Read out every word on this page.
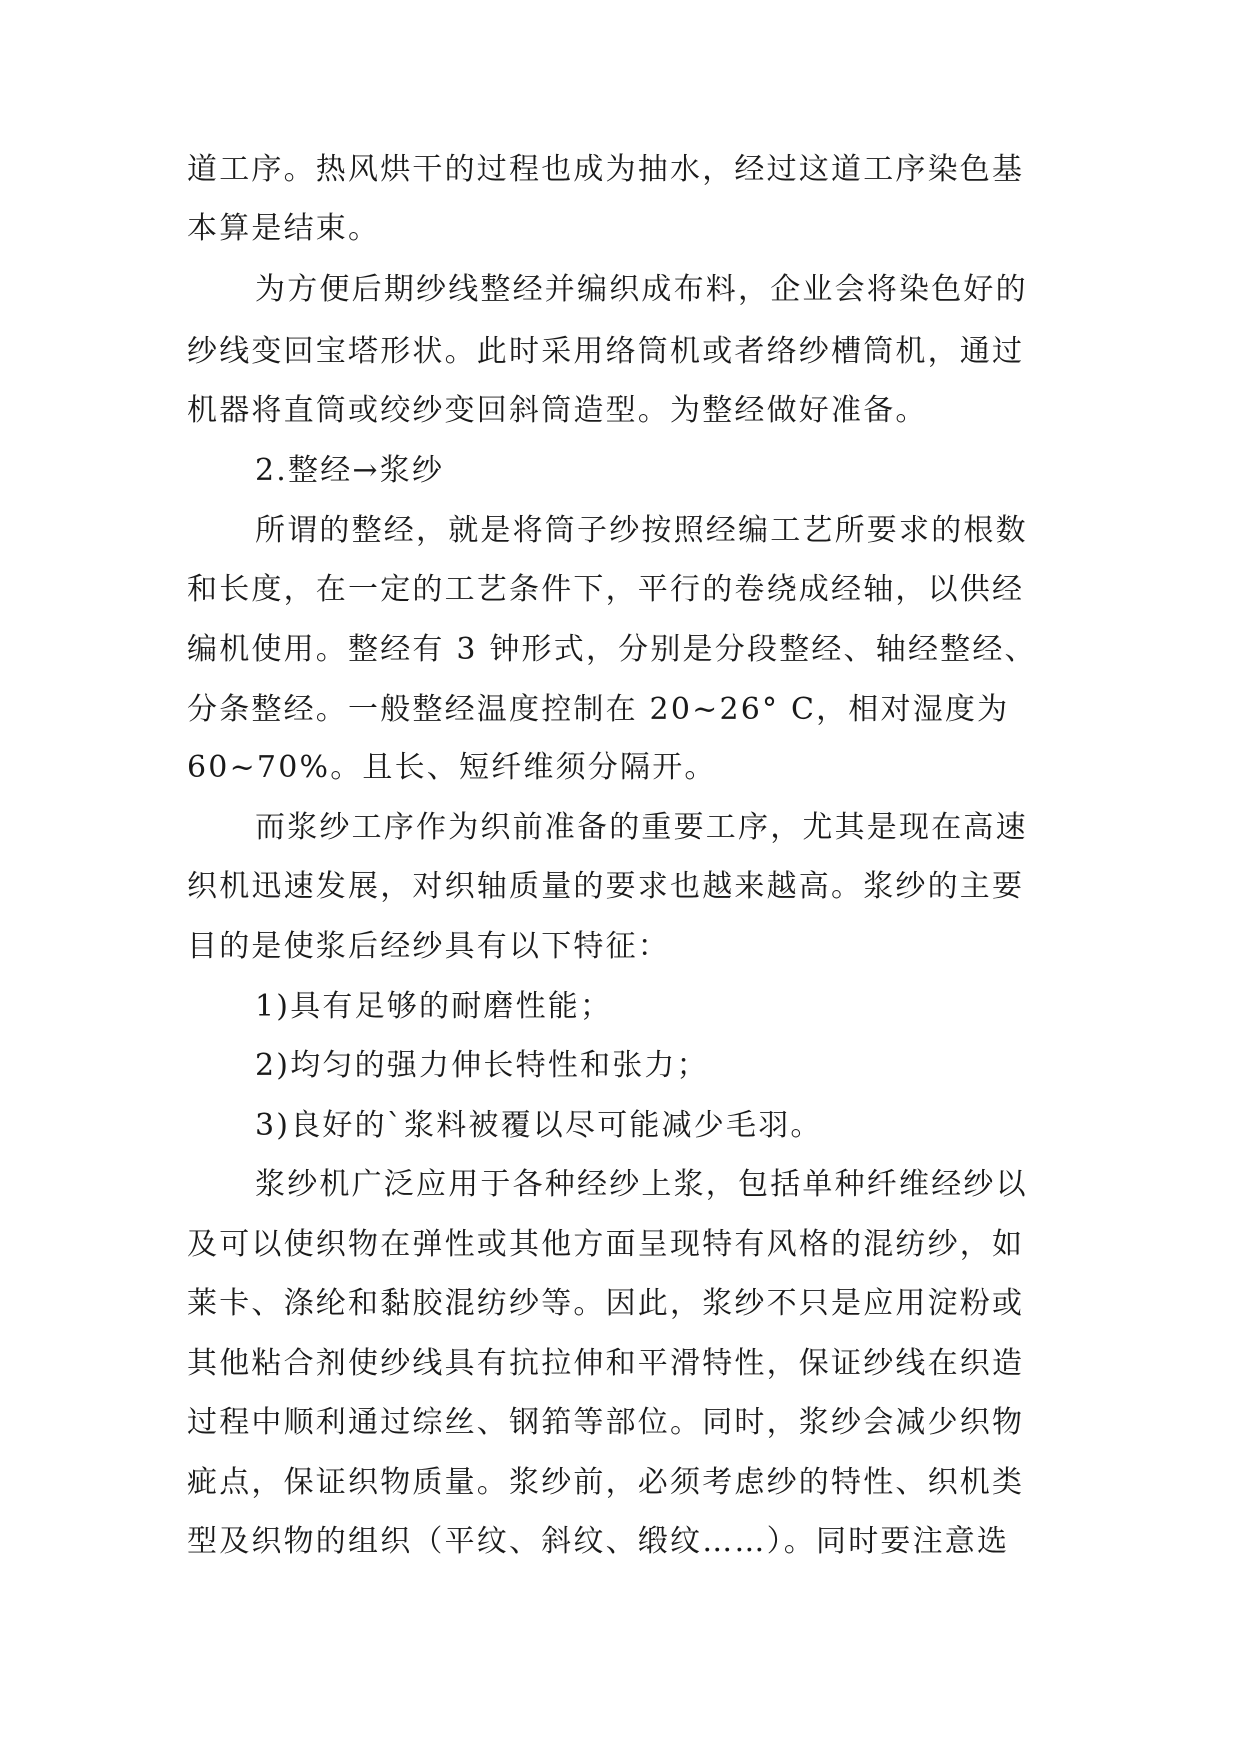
道工序。热风烘干的过程也成为抽水，经过这道工序染色基
本算是结束。
为方便后期纱线整经并编织成布料，企业会将染色好的
纱线变回宝塔形状。此时采用络筒机或者络纱槽筒机，通过
机器将直筒或绞纱变回斜筒造型。为整经做好准备。
2.整经→浆纱
所谓的整经，就是将筒子纱按照经编工艺所要求的根数
和长度，在一定的工艺条件下，平行的卷绕成经轴，以供经
编机使用。整经有 3 钟形式，分别是分段整经、轴经整经、
分条整经。一般整经温度控制在 20~26° C，相对湿度为
60~70%。且长、短纤维须分隔开。
而浆纱工序作为织前准备的重要工序，尤其是现在高速
织机迅速发展，对织轴质量的要求也越来越高。浆纱的主要
目的是使浆后经纱具有以下特征：
1)具有足够的耐磨性能；
2)均匀的强力伸长特性和张力；
3)良好的`浆料被覆以尽可能减少毛羽。
浆纱机广泛应用于各种经纱上浆，包括单种纤维经纱以
及可以使织物在弹性或其他方面呈现特有风格的混纺纱，如
莱卡、涤纶和黏胶混纺纱等。因此，浆纱不只是应用淀粉或
其他粘合剂使纱线具有抗拉伸和平滑特性，保证纱线在织造
过程中顺利通过综丝、钢筘等部位。同时，浆纱会减少织物
疵点，保证织物质量。浆纱前，必须考虑纱的特性、织机类
型及织物的组织（平纹、斜纹、缎纹……）。同时要注意选
